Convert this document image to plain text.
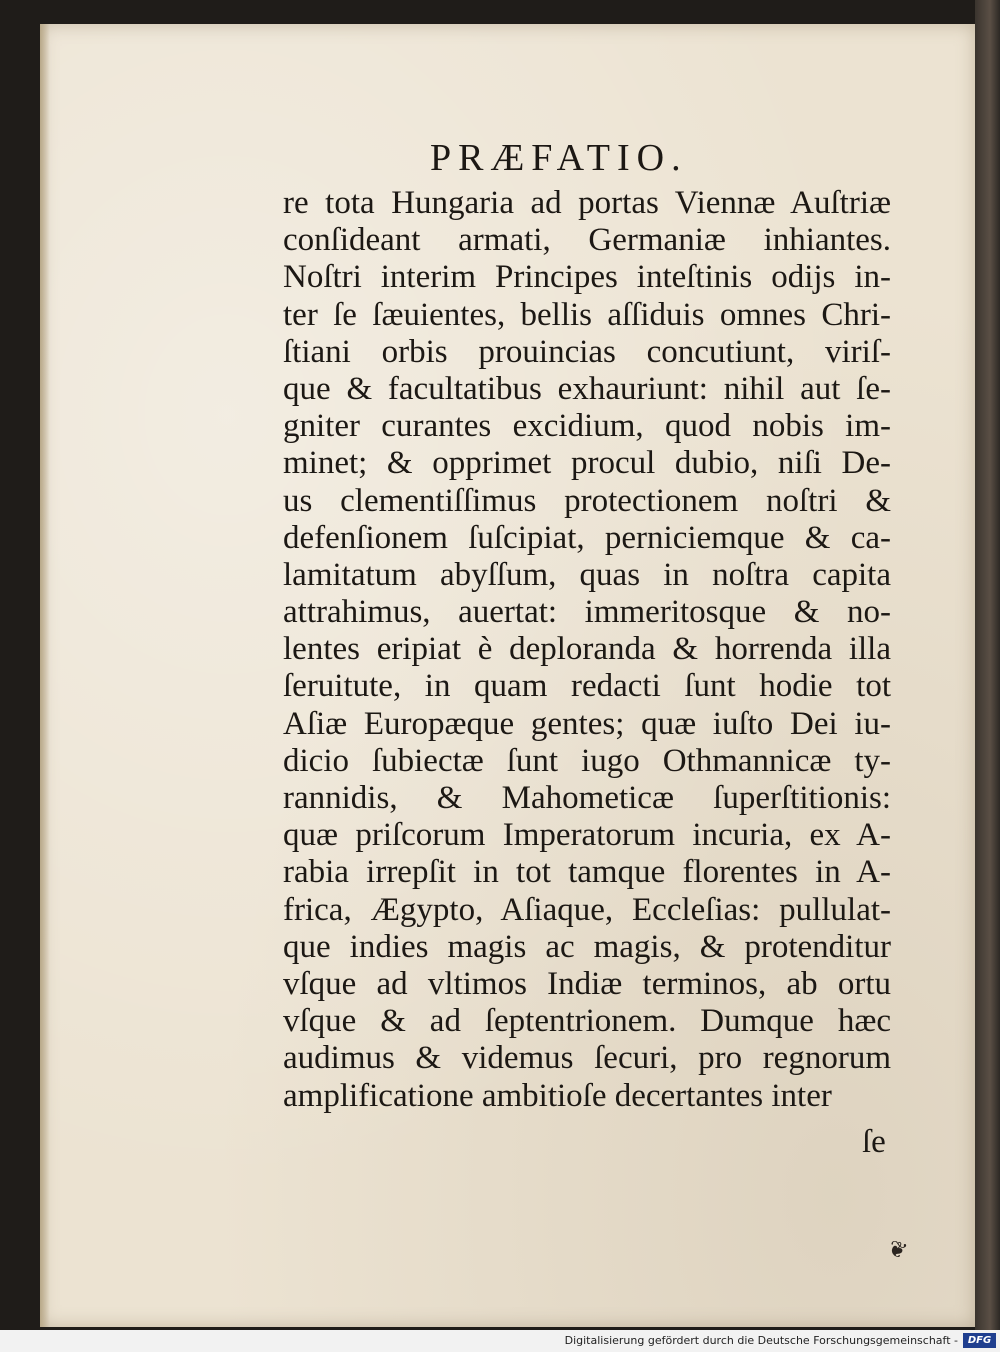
PRÆFATIO.
re tota Hungaria ad portas Viennæ Auſtriæ
conſideant armati, Germaniæ inhiantes.
Noſtri interim Principes inteſtinis odijs in-
ter ſe ſæuientes, bellis aſſiduis omnes Chri-
ſtiani orbis prouincias concutiunt, viriſ-
que & facultatibus exhauriunt: nihil aut ſe-
gniter curantes excidium, quod nobis im-
minet; & opprimet procul dubio, niſi De-
us clementiſſimus protectionem noſtri &
defenſionem ſuſcipiat, perniciemque & ca-
lamitatum abyſſum, quas in noſtra capita
attrahimus, auertat: immeritosque & no-
lentes eripiat è deploranda & horrenda illa
ſeruitute, in quam redacti ſunt hodie tot
Aſiæ Europæque gentes; quæ iuſto Dei iu-
dicio ſubiectæ ſunt iugo Othmannicæ ty-
rannidis, & Mahometicæ ſuperſtitionis:
quæ priſcorum Imperatorum incuria, ex A-
rabia irrepſit in tot tamque florentes in A-
frica, Ægypto, Aſiaque, Eccleſias: pullulat-
que indies magis ac magis, & protenditur
vſque ad vltimos Indiæ terminos, ab ortu
vſque & ad ſeptentrionem. Dumque hæc
audimus & videmus ſecuri, pro regnorum
amplificatione ambitioſe decertantes inter
ſe
❦
Digitalisierung gefördert durch die Deutsche Forschungsgemeinschaft - DFG
